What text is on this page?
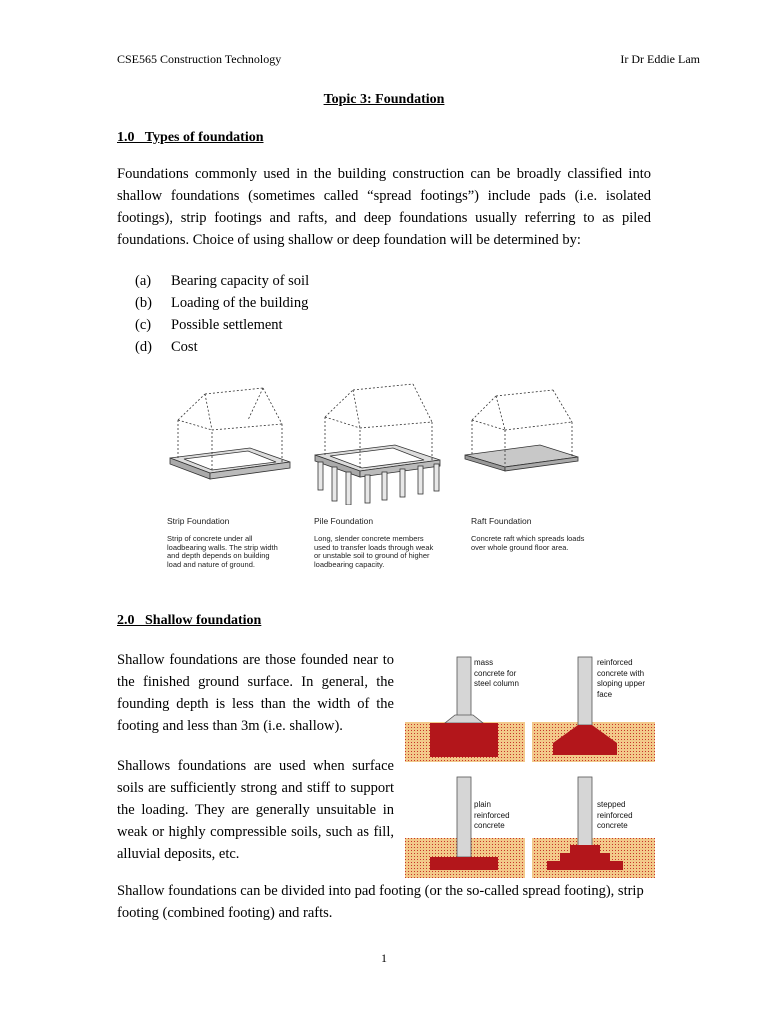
CSE565 Construction Technology	Ir Dr Eddie Lam
Topic 3: Foundation
1.0   Types of foundation
Foundations commonly used in the building construction can be broadly classified into shallow foundations (sometimes called “spread footings”) include pads (i.e. isolated footings), strip footings and rafts, and deep foundations usually referring to as piled foundations. Choice of using shallow or deep foundation will be determined by:
(a)	Bearing capacity of soil
(b)	Loading of the building
(c)	Possible settlement
(d)	Cost
Strip Foundation
Strip of concrete under all loadbearing walls. The strip width and depth depends on building load and nature of ground.
Pile Foundation
Long, slender concrete members used to transfer loads through weak or unstable soil to ground of higher loadbearing capacity.
Raft Foundation
Concrete raft which spreads loads over whole ground floor area.
2.0   Shallow foundation
Shallow foundations are those founded near to the finished ground surface. In general, the founding depth is less than the width of the footing and less than 3m (i.e. shallow).
Shallows foundations are used when surface soils are sufficiently strong and stiff to support the loading. They are generally unsuitable in weak or highly compressible soils, such as fill, alluvial deposits, etc.
Shallow foundations can be divided into pad footing (or the so-called spread footing), strip footing (combined footing) and rafts.
mass concrete for steel column
reinforced concrete with sloping upper face
plain reinforced concrete
stepped reinforced concrete
1
